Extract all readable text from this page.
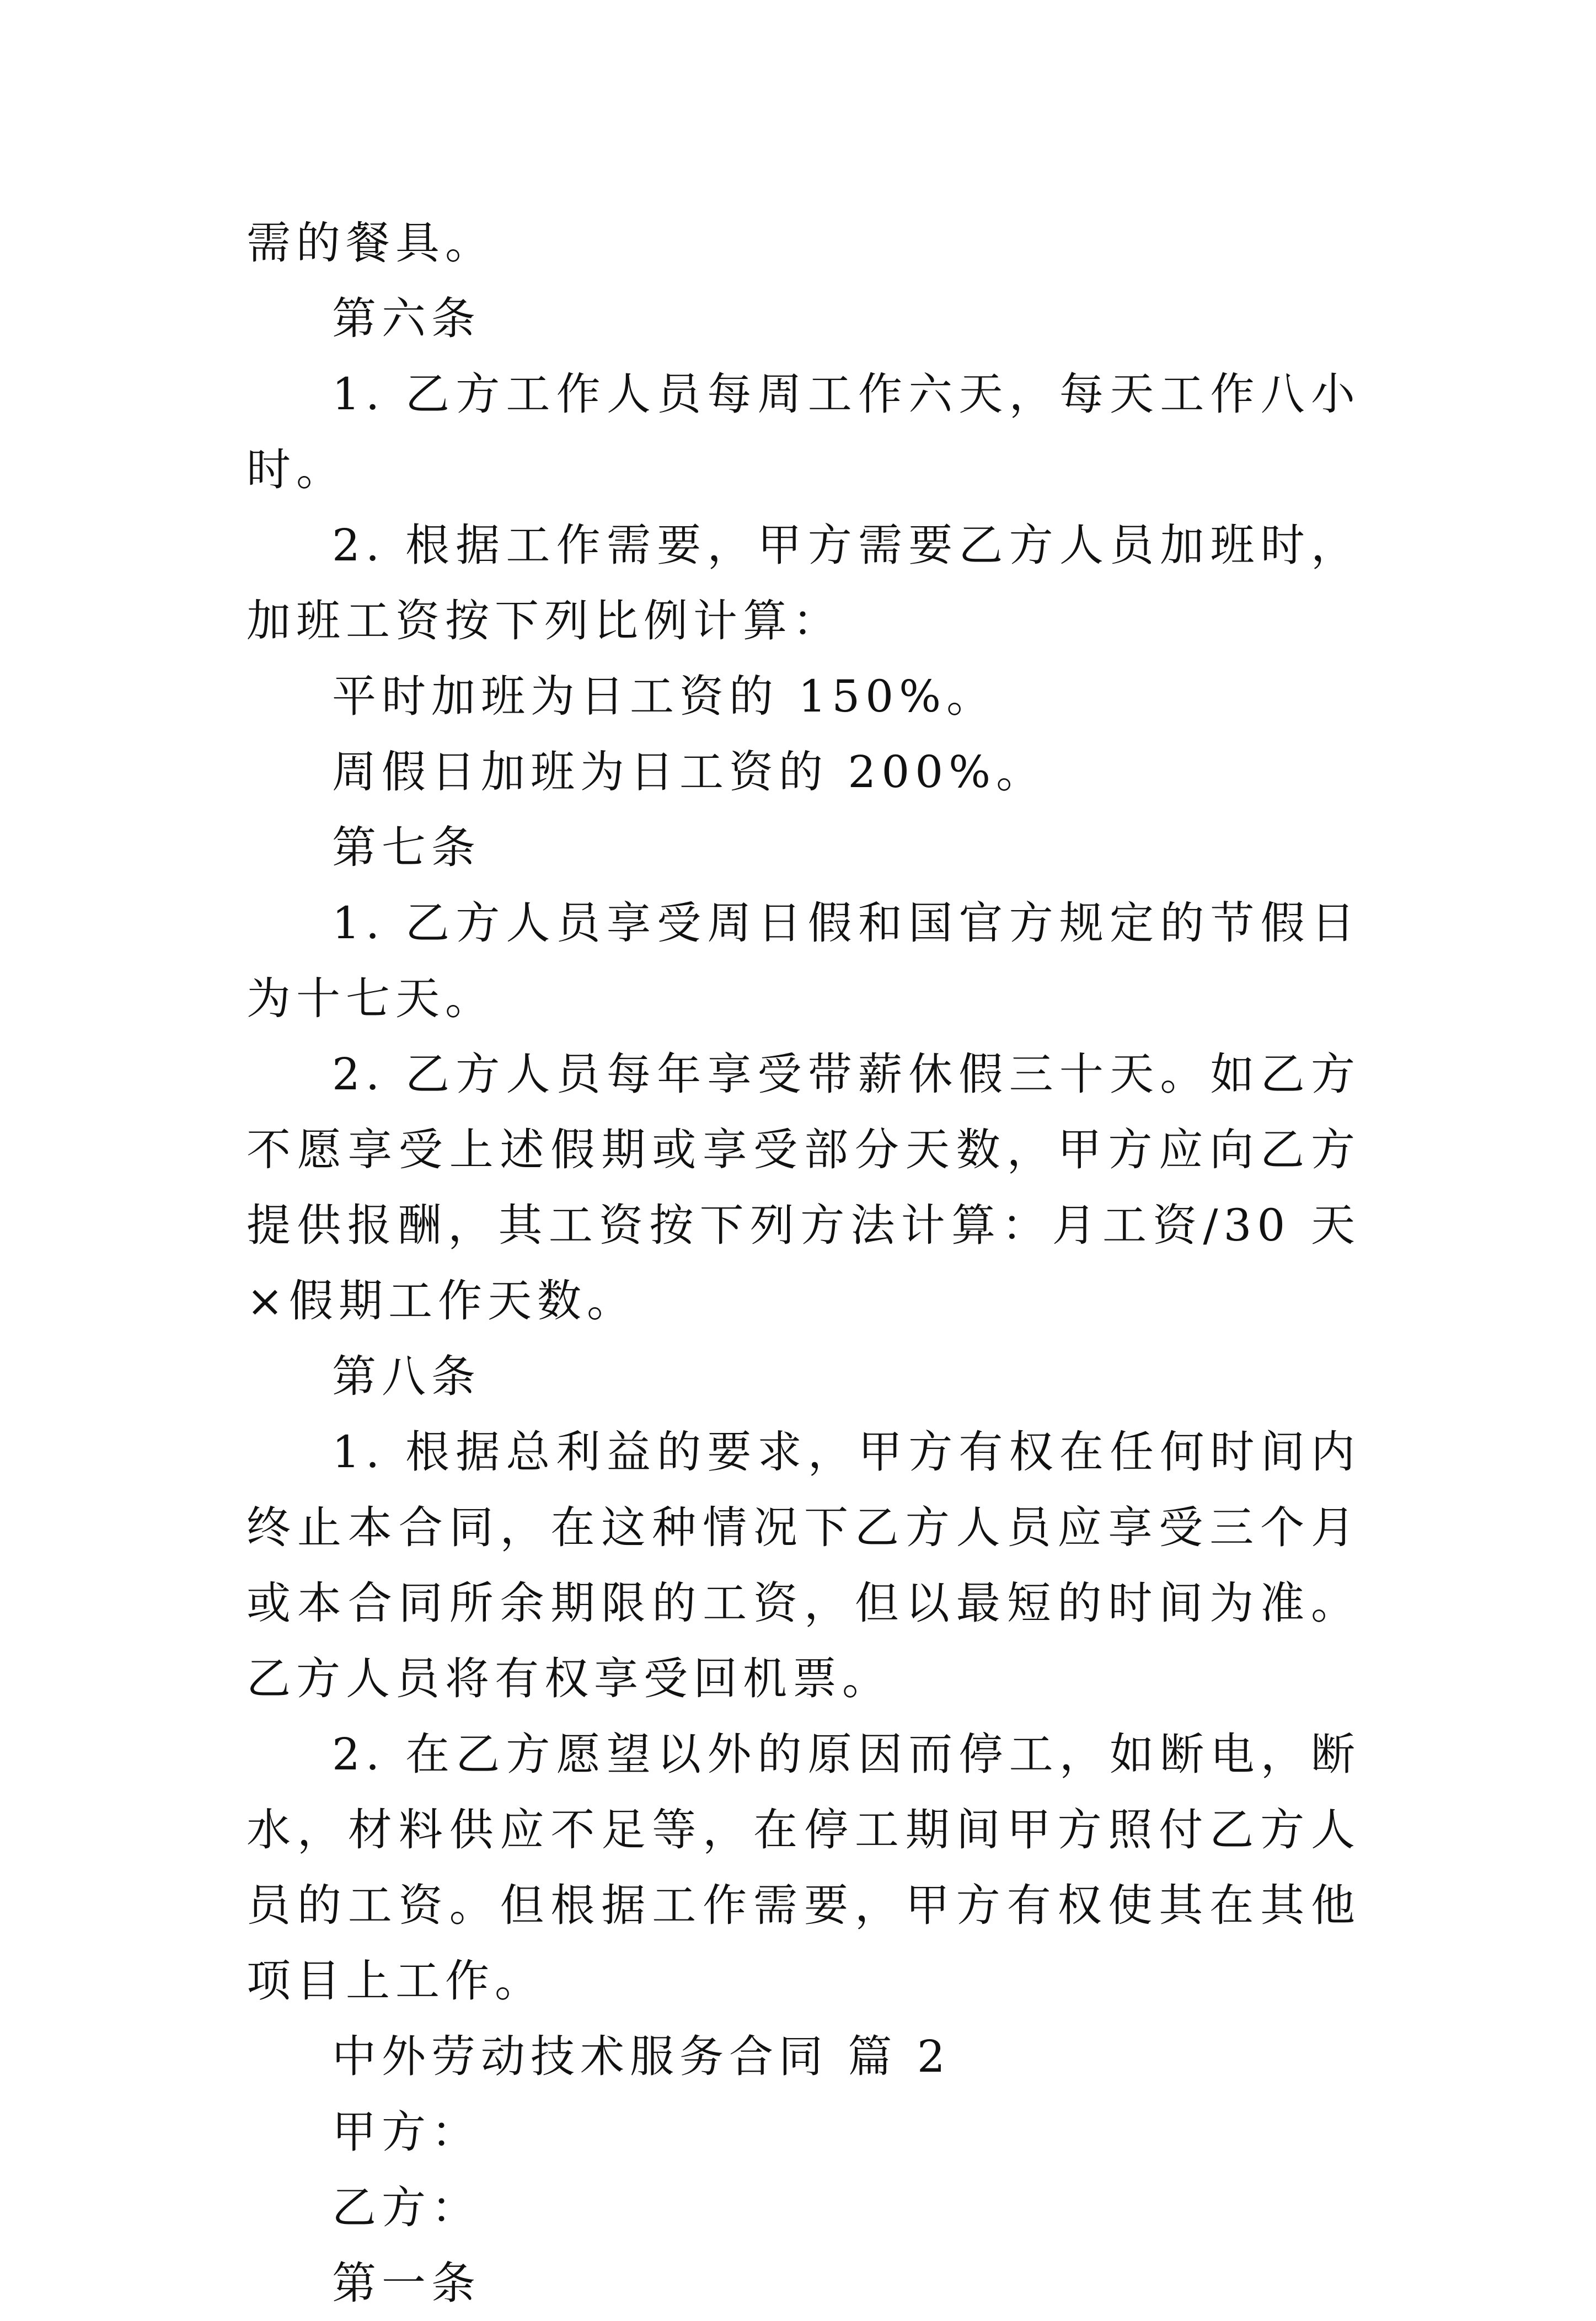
需的餐具。

第六条

1. 乙方工作人员每周工作六天，每天工作八小时。

2. 根据工作需要，甲方需要乙方人员加班时，加班工资按下列比例计算：

平时加班为日工资的 150%。

周假日加班为日工资的 200%。

第七条

1. 乙方人员享受周日假和国官方规定的节假日为十七天。

2. 乙方人员每年享受带薪休假三十天。如乙方不愿享受上述假期或享受部分天数，甲方应向乙方提供报酬，其工资按下列方法计算：月工资/30 天×假期工作天数。

第八条

1. 根据总利益的要求，甲方有权在任何时间内终止本合同，在这种情况下乙方人员应享受三个月或本合同所余期限的工资，但以最短的时间为准。乙方人员将有权享受回机票。

2. 在乙方愿望以外的原因而停工，如断电，断水，材料供应不足等，在停工期间甲方照付乙方人员的工资。但根据工作需要，甲方有权使其在其他项目上工作。

中外劳动技术服务合同 篇 2

甲方：

乙方：

第一条
